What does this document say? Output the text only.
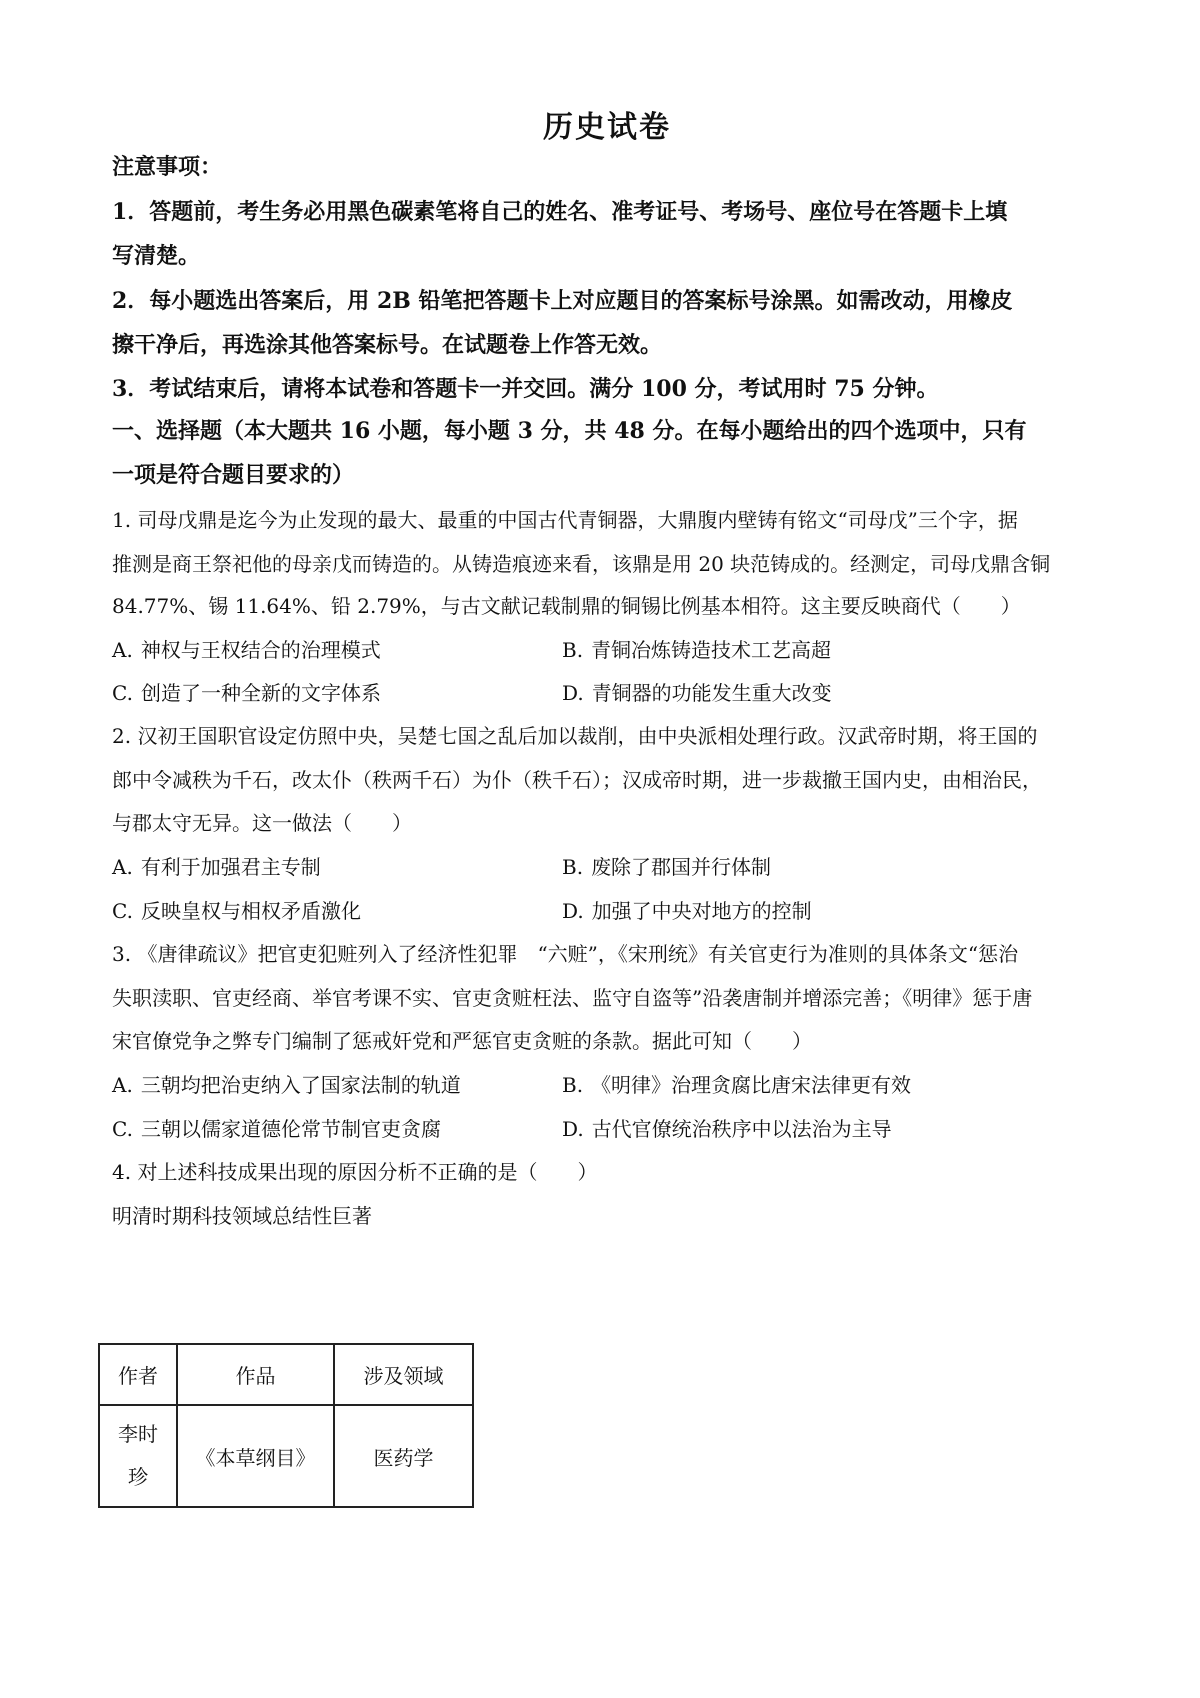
历史试卷
注意事项：
1．答题前，考生务必用黑色碳素笔将自己的姓名、准考证号、考场号、座位号在答题卡上填
写清楚。
2．每小题选出答案后，用 2B 铅笔把答题卡上对应题目的答案标号涂黑。如需改动，用橡皮
擦干净后，再选涂其他答案标号。在试题卷上作答无效。
3．考试结束后，请将本试卷和答题卡一并交回。满分 100 分，考试用时 75 分钟。
一、选择题（本大题共 16 小题，每小题 3 分，共 48 分。在每小题给出的四个选项中，只有
一项是符合题目要求的）
1. 司母戊鼎是迄今为止发现的最大、最重的中国古代青铜器，大鼎腹内壁铸有铭文“司母戊”三个字，据
推测是商王祭祀他的母亲戊而铸造的。从铸造痕迹来看，该鼎是用 20 块范铸成的。经测定，司母戊鼎含铜
84.77%、锡 11.64%、铅 2.79%，与古文献记载制鼎的铜锡比例基本相符。这主要反映商代（　　）
A. 神权与王权结合的治理模式	B. 青铜冶炼铸造技术工艺高超
C. 创造了一种全新的文字体系	D. 青铜器的功能发生重大改变
2. 汉初王国职官设定仿照中央，吴楚七国之乱后加以裁削，由中央派相处理行政。汉武帝时期，将王国的
郎中令减秩为千石，改太仆（秩两千石）为仆（秩千石）；汉成帝时期，进一步裁撤王国内史，由相治民，
与郡太守无异。这一做法（　　）
A. 有利于加强君主专制	B. 废除了郡国并行体制
C. 反映皇权与相权矛盾激化	D. 加强了中央对地方的控制
3. 《唐律疏议》把官吏犯赃列入了经济性犯罪　“六赃”，《宋刑统》有关官吏行为准则的具体条文“惩治
失职渎职、官吏经商、举官考课不实、官吏贪赃枉法、监守自盗等”沿袭唐制并增添完善；《明律》惩于唐
宋官僚党争之弊专门编制了惩戒奸党和严惩官吏贪赃的条款。据此可知（　　）
A. 三朝均把治吏纳入了国家法制的轨道	B. 《明律》治理贪腐比唐宋法律更有效
C. 三朝以儒家道德伦常节制官吏贪腐	D. 古代官僚统治秩序中以法治为主导
4. 对上述科技成果出现的原因分析不正确的是（　　）
明清时期科技领域总结性巨著
作者	作品	涉及领域
李时
珍	《本草纲目》	医药学
